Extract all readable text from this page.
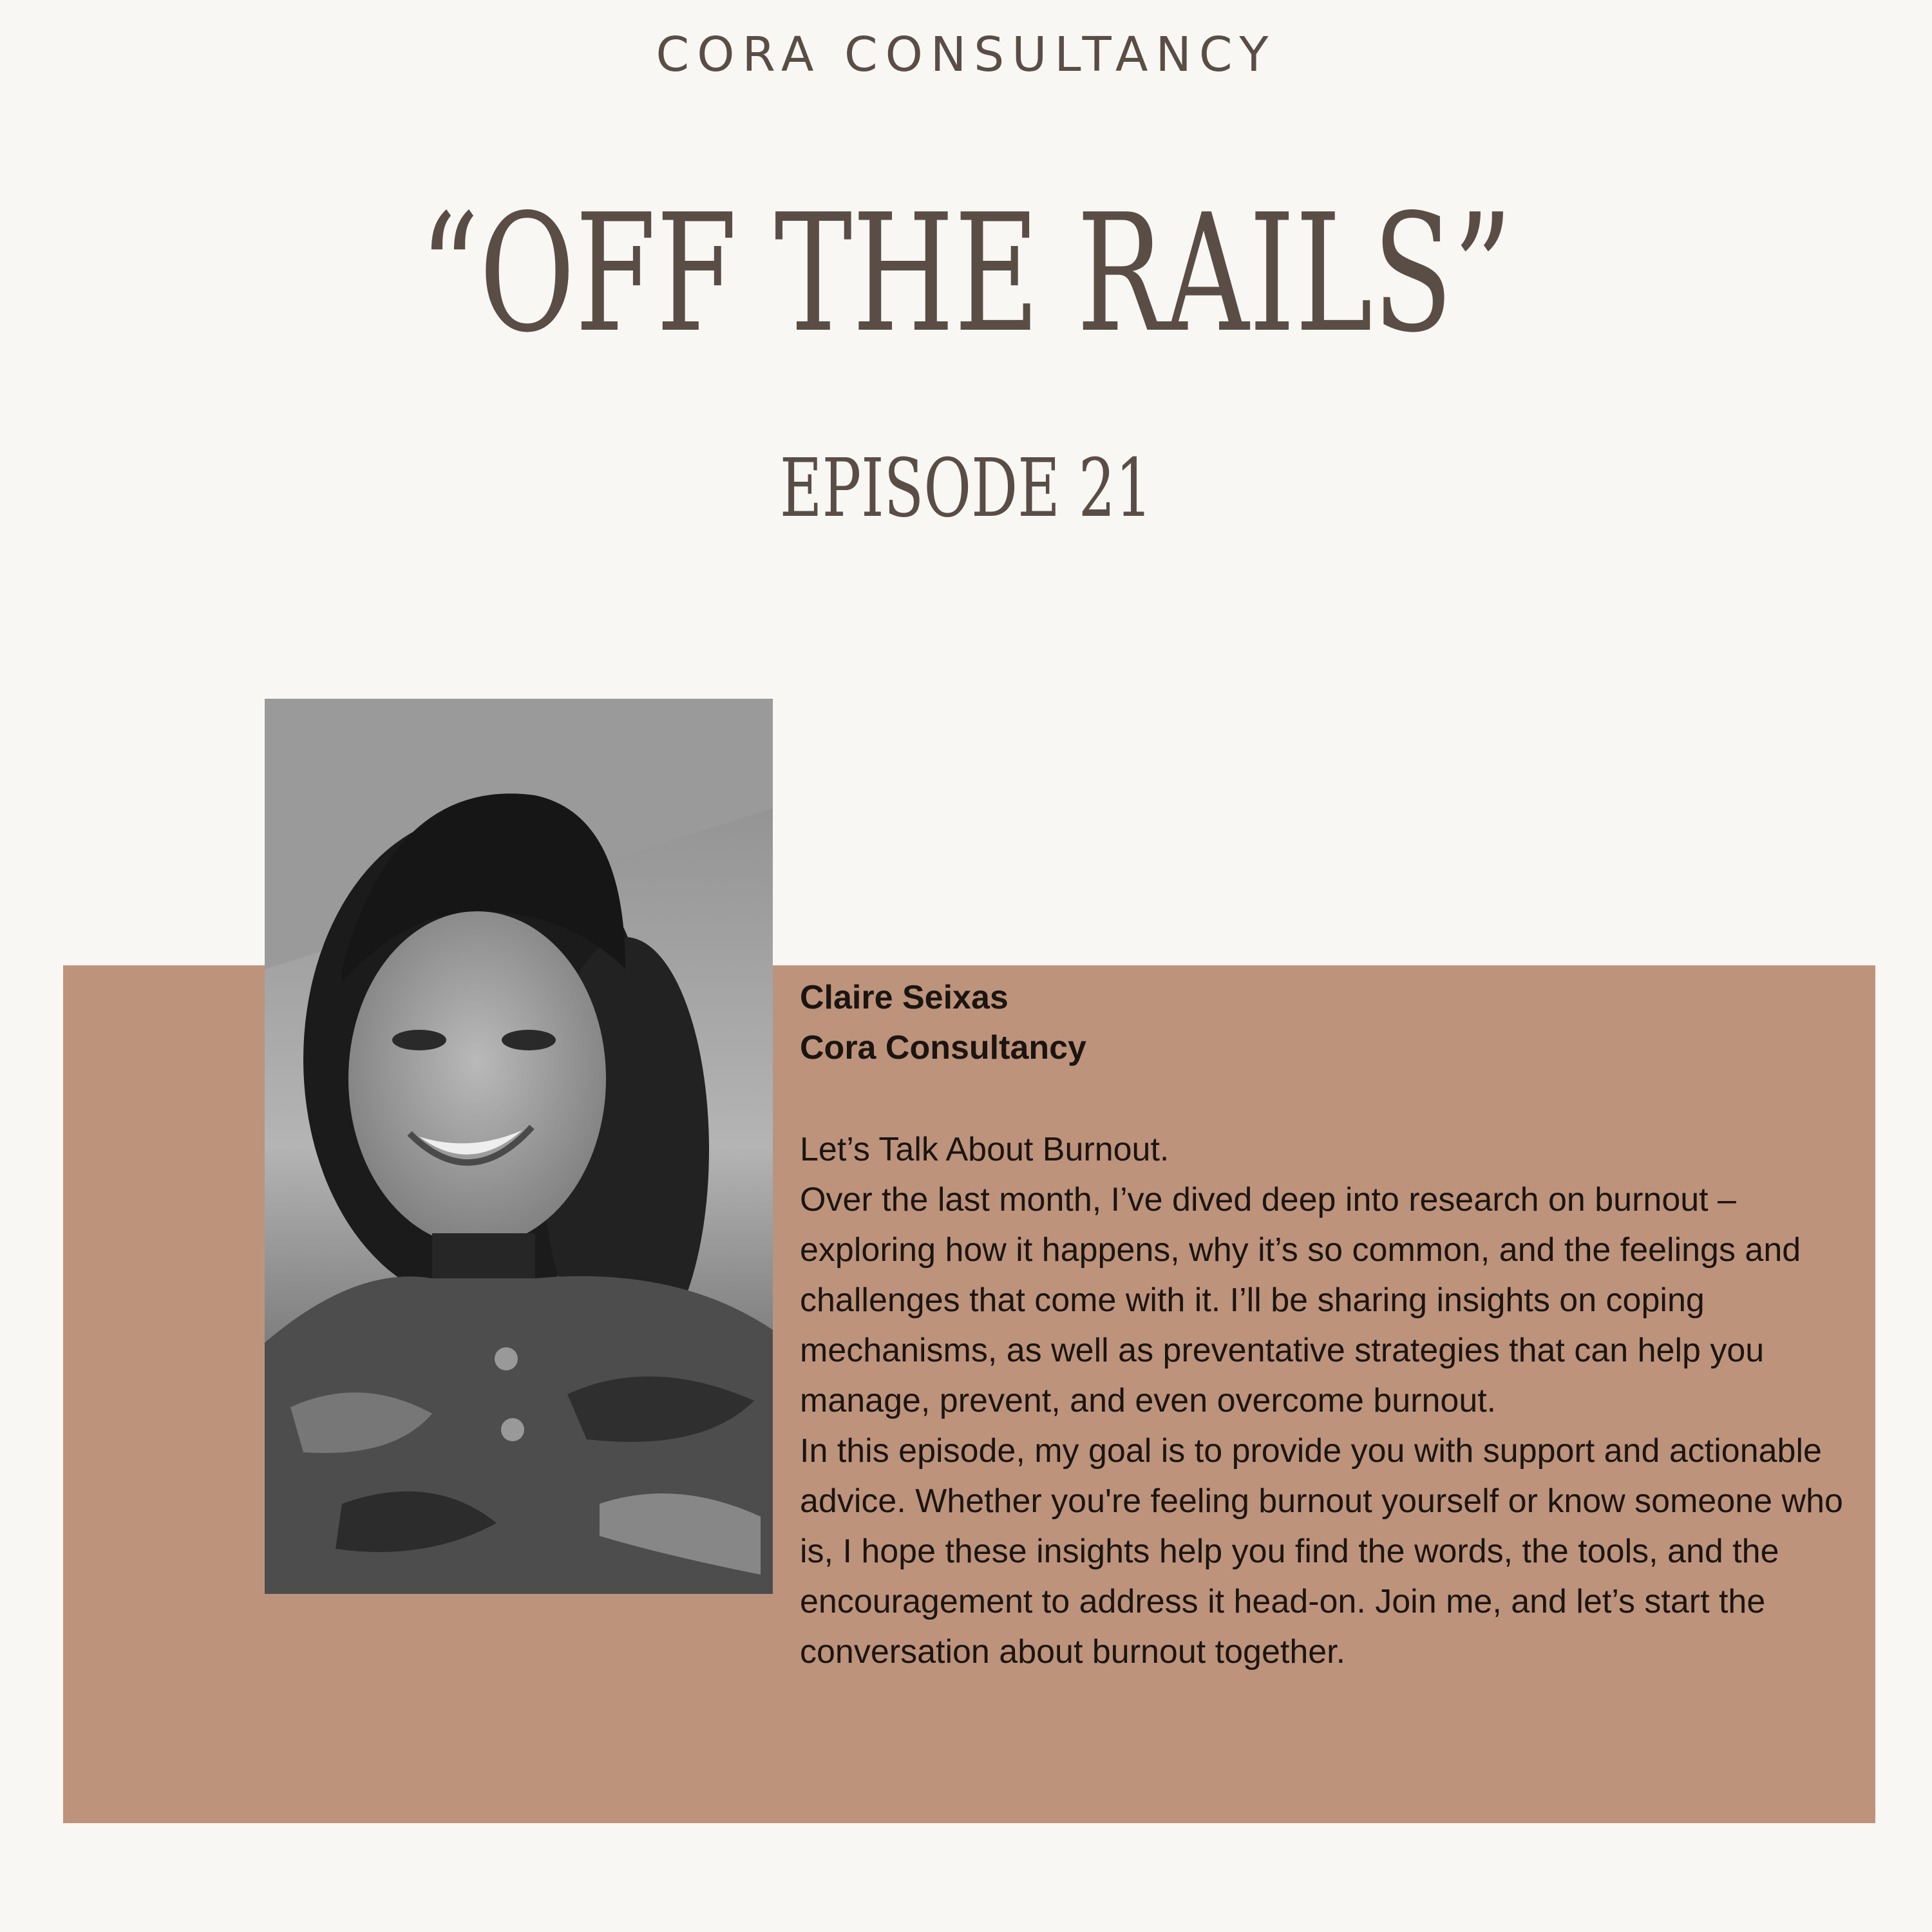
CORA CONSULTANCY
“OFF THE RAILS”
EPISODE 21

Claire Seixas

Cora Consultancy

Let’s Talk About Burnout.
Over the last month, I’ve dived deep into research on burnout – exploring how it happens, why it’s so common, and the feelings and challenges that come with it. I’ll be sharing insights on coping mechanisms, as well as preventative strategies that can help you manage, prevent, and even overcome burnout.
In this episode, my goal is to provide you with support and actionable advice. Whether you're feeling burnout yourself or know someone who is, I hope these insights help you find the words, the tools, and the encouragement to address it head-on. Join me, and let’s start the conversation about burnout together.
